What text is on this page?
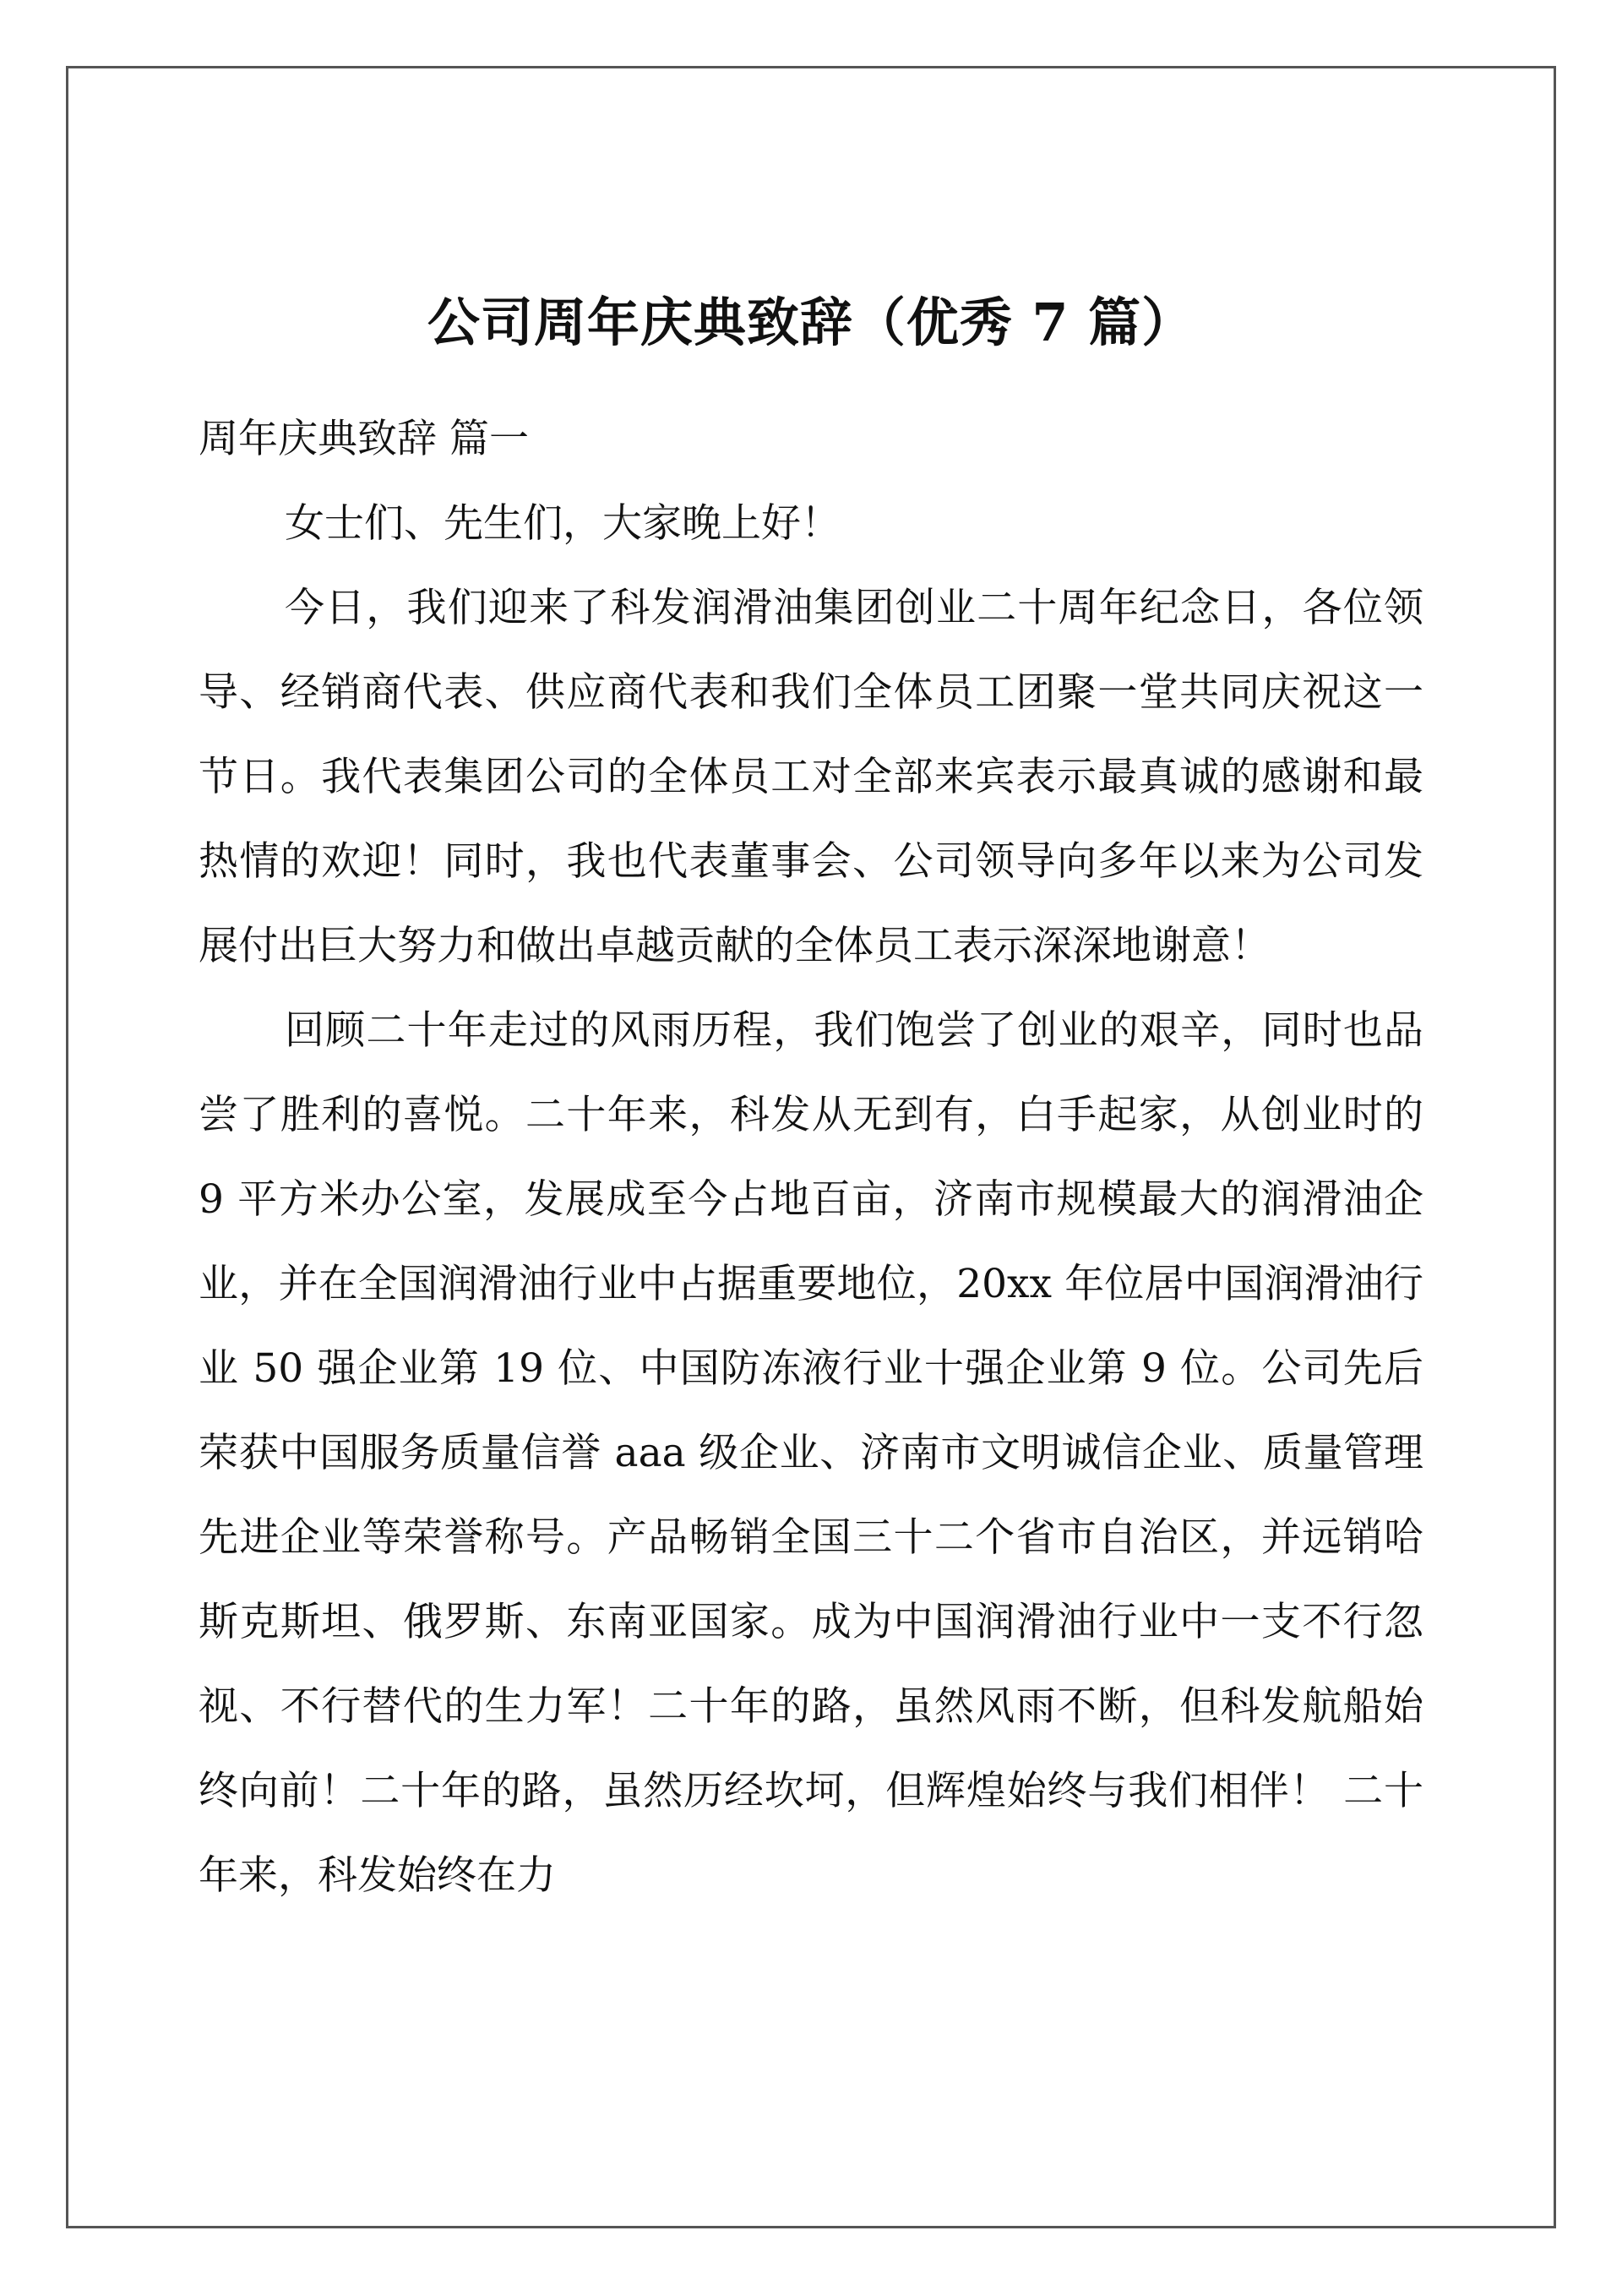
公司周年庆典致辞（优秀 7 篇）

周年庆典致辞 篇一

女士们、先生们，大家晚上好！

今日，我们迎来了科发润滑油集团创业二十周年纪念日，各位领导、经销商代表、供应商代表和我们全体员工团聚一堂共同庆祝这一节日。我代表集团公司的全体员工对全部来宾表示最真诚的感谢和最热情的欢迎！同时，我也代表董事会、公司领导向多年以来为公司发展付出巨大努力和做出卓越贡献的全体员工表示深深地谢意！

回顾二十年走过的风雨历程，我们饱尝了创业的艰辛，同时也品尝了胜利的喜悦。二十年来，科发从无到有，白手起家，从创业时的 9 平方米办公室，发展成至今占地百亩，济南市规模最大的润滑油企业，并在全国润滑油行业中占据重要地位，20xx 年位居中国润滑油行业 50 强企业第 19 位、中国防冻液行业十强企业第 9 位。公司先后荣获中国服务质量信誉 aaa 级企业、济南市文明诚信企业、质量管理先进企业等荣誉称号。产品畅销全国三十二个省市自治区，并远销哈斯克斯坦、俄罗斯、东南亚国家。成为中国润滑油行业中一支不行忽视、不行替代的生力军！二十年的路，虽然风雨不断，但科发航船始终向前！二十年的路，虽然历经坎坷，但辉煌始终与我们相伴！ 二十年来，科发始终在力
